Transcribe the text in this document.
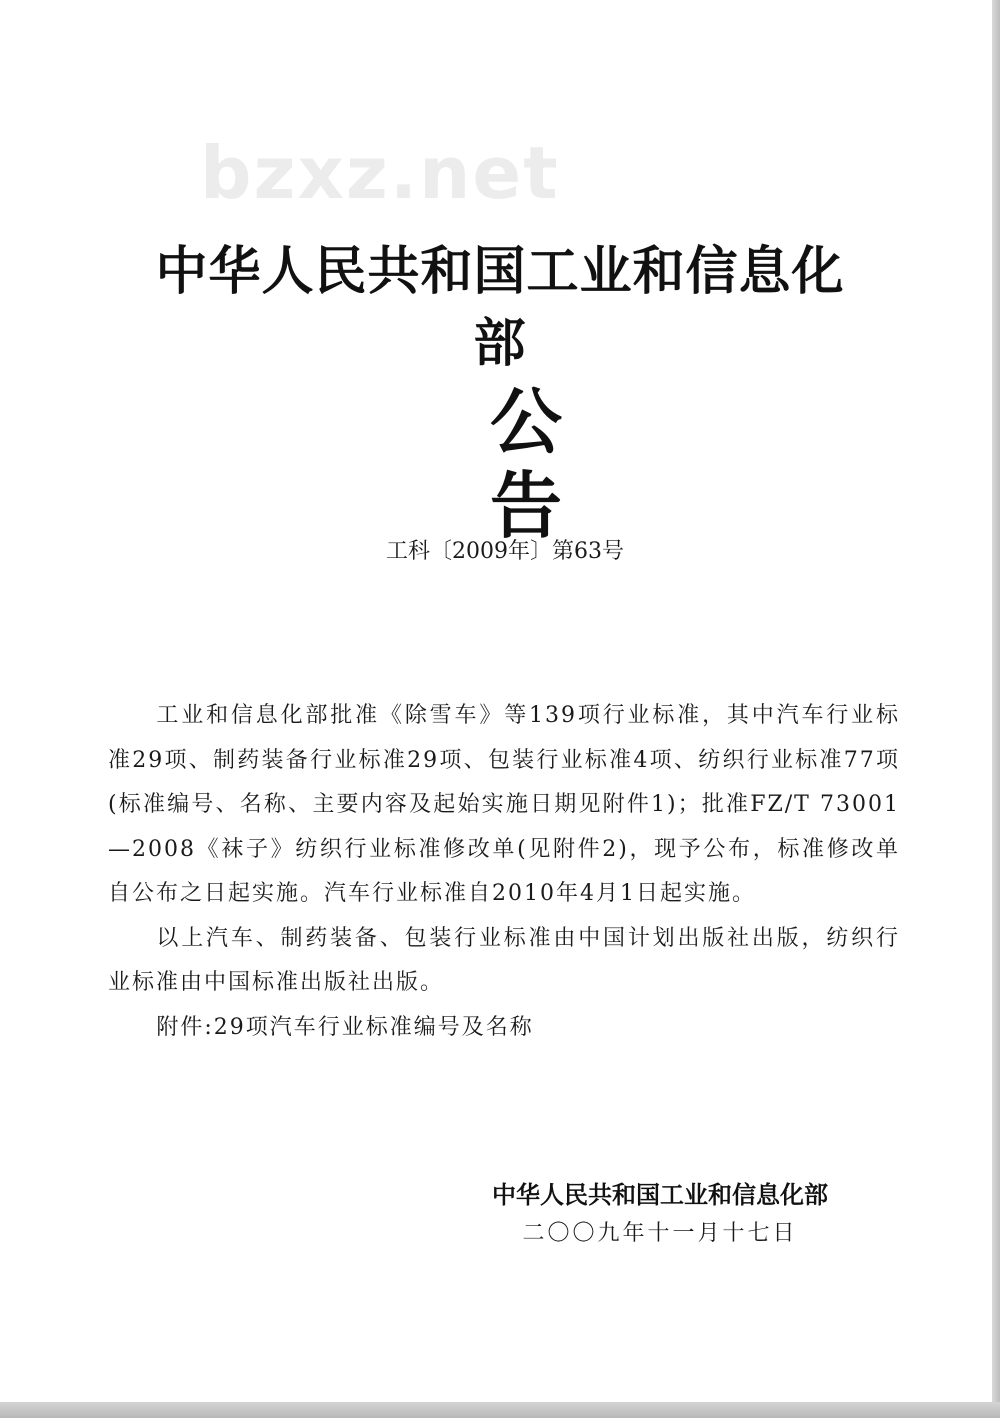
bzxz.net
中华人民共和国工业和信息化部
公告
工科〔2009年〕第63号

工业和信息化部批准《除雪车》等139项行业标准，其中汽车行业标准29项、制药装备行业标准29项、包装行业标准4项、纺织行业标准77项(标准编号、名称、主要内容及起始实施日期见附件1)；批准FZ/T 73001—2008《袜子》纺织行业标准修改单(见附件2)，现予公布，标准修改单自公布之日起实施。汽车行业标准自2010年4月1日起实施。

以上汽车、制药装备、包装行业标准由中国计划出版社出版，纺织行业标准由中国标准出版社出版。

附件:29项汽车行业标准编号及名称

中华人民共和国工业和信息化部
二〇〇九年十一月十七日
